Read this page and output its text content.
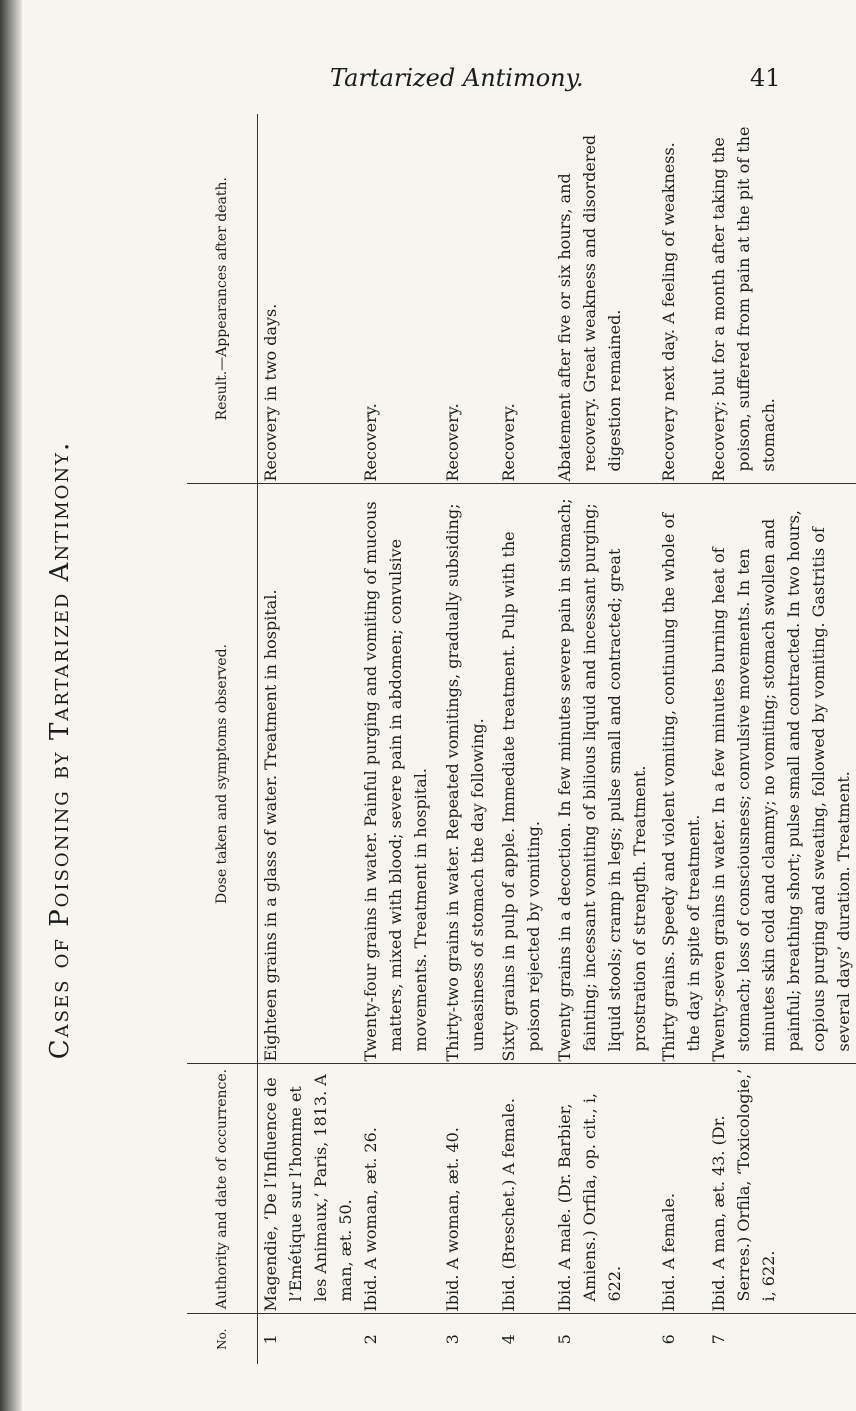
Tartarized Antimony.	41
Cases of Poisoning by Tartarized Antimony.
No.	Authority and date of occurrence.	Dose taken and symptoms observed.	Result.—Appearances after death.
1	Magendie, ‘De l’Influence de l’Emétique sur l’homme et les Animaux,’ Paris, 1813. A man, æt. 50.	Eighteen grains in a glass of water. Treatment in hospital.	Recovery in two days.
2	Ibid. A woman, æt. 26.	Twenty-four grains in water. Painful purging and vomiting of mucous matters, mixed with blood; severe pain in abdomen; convulsive movements. Treatment in hospital.	Recovery.
3	Ibid. A woman, æt. 40.	Thirty-two grains in water. Repeated vomitings, gradually subsiding; uneasiness of stomach the day following.	Recovery.
4	Ibid. (Breschet.) A female.	Sixty grains in pulp of apple. Immediate treatment. Pulp with the poison rejected by vomiting.	Recovery.
5	Ibid. A male. (Dr. Barbier, Amiens.) Orfila, op. cit., i, 622.	Twenty grains in a decoction. In few minutes severe pain in stomach; fainting; incessant vomiting of bilious liquid and incessant purging; liquid stools; cramp in legs; pulse small and contracted; great prostration of strength. Treatment.	Abatement after five or six hours, and recovery. Great weakness and disordered digestion remained.
6	Ibid. A female.	Thirty grains. Speedy and violent vomiting, continuing the whole of the day in spite of treatment.	Recovery next day. A feeling of weakness.
7	Ibid. A man, æt. 43. (Dr. Serres.) Orfila, ‘Toxicologie,’ i, 622.	Twenty-seven grains in water. In a few minutes burning heat of stomach; loss of consciousness; convulsive movements. In ten minutes skin cold and clammy; no vomiting; stomach swollen and painful; breathing short; pulse small and contracted. In two hours, copious purging and sweating, followed by vomiting. Gastritis of several days’ duration. Treatment.	Recovery; but for a month after taking the poison, suffered from pain at the pit of the stomach.
